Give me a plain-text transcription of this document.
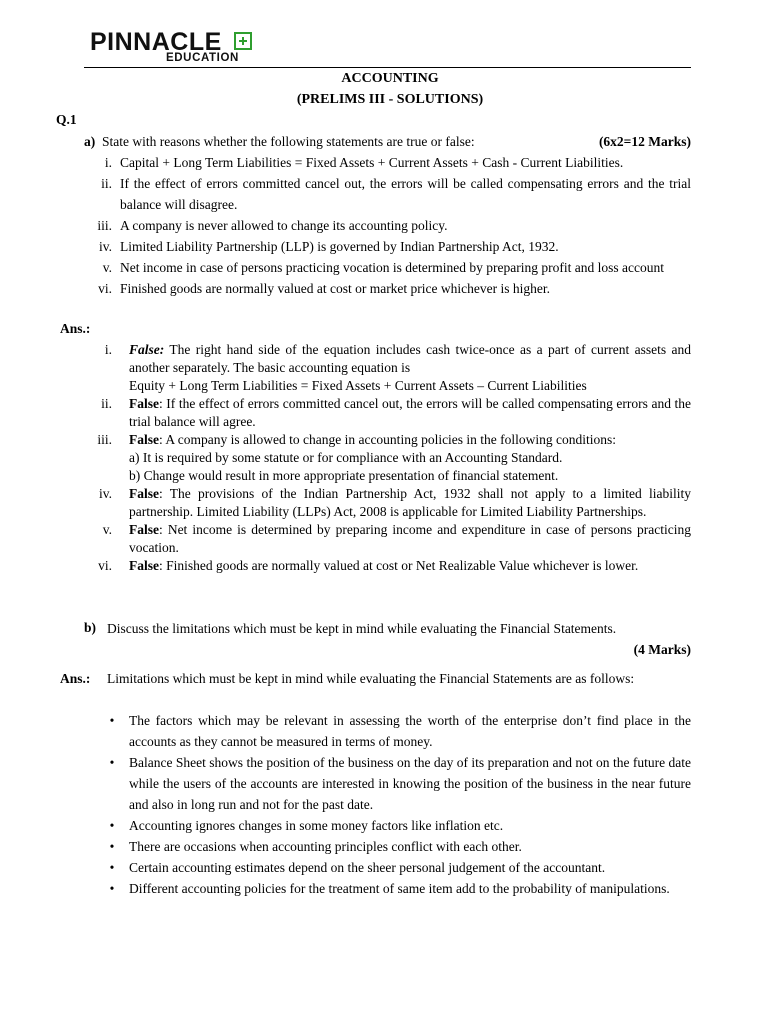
PINNACLE
EDUCATION
ACCOUNTING
(PRELIMS III - SOLUTIONS)
Q.1
a) State with reasons whether the following statements are true or false:	(6x2=12 Marks)
i. Capital + Long Term Liabilities = Fixed Assets + Current Assets + Cash - Current Liabilities.
ii. If the effect of errors committed cancel out, the errors will be called compensating errors and the trial balance will disagree.
iii. A company is never allowed to change its accounting policy.
iv. Limited Liability Partnership (LLP) is governed by Indian Partnership Act, 1932.
v. Net income in case of persons practicing vocation is determined by preparing profit and loss account
vi. Finished goods are normally valued at cost or market price whichever is higher.
Ans.:
i. False: The right hand side of the equation includes cash twice-once as a part of current assets and another separately. The basic accounting equation is
Equity + Long Term Liabilities = Fixed Assets + Current Assets – Current Liabilities
ii. False: If the effect of errors committed cancel out, the errors will be called compensating errors and the trial balance will agree.
iii. False: A company is allowed to change in accounting policies in the following conditions:
a) It is required by some statute or for compliance with an Accounting Standard.
b) Change would result in more appropriate presentation of financial statement.
iv. False: The provisions of the Indian Partnership Act, 1932 shall not apply to a limited liability partnership. Limited Liability (LLPs) Act, 2008 is applicable for Limited Liability Partnerships.
v. False: Net income is determined by preparing income and expenditure in case of persons practicing vocation.
vi. False: Finished goods are normally valued at cost or Net Realizable Value whichever is lower.
b) Discuss the limitations which must be kept in mind while evaluating the Financial Statements.
(4 Marks)
Ans.: Limitations which must be kept in mind while evaluating the Financial Statements are as follows:
•	The factors which may be relevant in assessing the worth of the enterprise don’t find place in the accounts as they cannot be measured in terms of money.
•	Balance Sheet shows the position of the business on the day of its preparation and not on the future date while the users of the accounts are interested in knowing the position of the business in the near future and also in long run and not for the past date.
•	Accounting ignores changes in some money factors like inflation etc.
•	There are occasions when accounting principles conflict with each other.
•	Certain accounting estimates depend on the sheer personal judgement of the accountant.
•	Different accounting policies for the treatment of same item add to the probability of manipulations.
